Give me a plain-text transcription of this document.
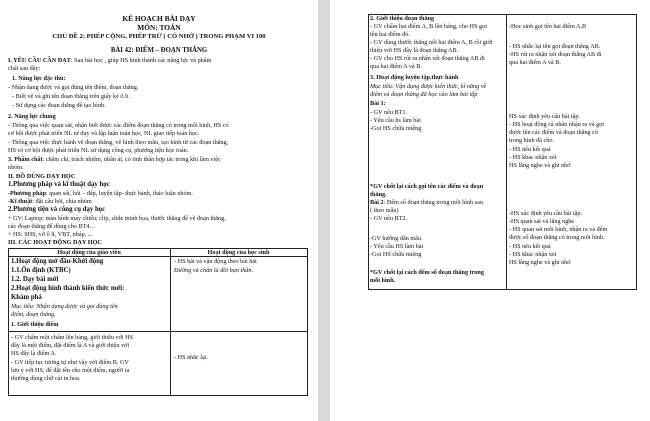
KẾ HOẠCH BÀI DẠY
MÔN: TOÁN
CHỦ ĐỀ 2: PHÉP CỘNG, PHÉP TRỪ ( CÓ NHỚ ) TRONG PHẠM VI 100
BÀI 42: ĐIỂM – ĐOẠN THẲNG
I. YÊU CẦU CẦN ĐẠT: Sau bài học , giúp HS hình thành các năng lực và phẩm
chất sau đây:
1. Năng lực đặc thù:
- Nhận dạng được và gọi đúng tên điểm, đoạn thẳng.
- Biết vẽ và ghi tên đoạn thẳng trên giấy kẻ ô li.
- Sử dụng các đoạn thẳng để tạo hình.
2. Năng lực chung
- Thông qua việc quan sát, nhận biết được các điểm đoạn thẳng có trong môi hình, HS có
cơ hội được phát triển NL tư duy và lập luận toán học, NL giao tiếp toán học.
- Thông qua việc thực hành vẽ đoạn thẳng, vẽ hình theo mẫu, tạo hình từ các đoạn thẳng,
HS có cơ hội được phát triển NL sử dụng công cụ, phương tiện học toán.
3. Phẩm chất: chăm chỉ, trách nhiệm, nhân ái, có tinh thần hợp tác trong khi làm việc
nhóm.
II. ĐỒ DÙNG DẠY HỌC
1.Phương pháp và kĩ thuật dạy học
-Phương pháp: quan sát, hỏi – đáp, luyện tập- thực hành, thảo luận nhóm.
-Kĩ thuật: đặt câu hỏi, chia nhóm
2.Phương tiện và công cụ dạy học
+ GV: Laptop; màn hình máy chiếu; clip, slide minh họa, thước thẳng để vẽ đoạn thẳng,
các đoạn thẳng để dùng cho BT4…
+ HS: SHS, vở ô li, VBT, nháp, ...
III. CÁC HOẠT ĐỘNG DẠY HỌC
Hoạt động của giáo viên	Hoạt động của học sinh
1.Hoạt động mở đầu-Khởi động
1.1.Ôn định (KTBC)
1.2. Dạy bài mới
2.Hoạt động hình thành kiến thức mới:
Khám phá
Mục tiêu: Nhận dạng được và gọi đúng tên
điểm, đoạn thẳng.
1. Giới thiệu điểm
- HS hát và vận động theo bài hát
Đường và chân là đôi bạn thân.
- GV chấm một chấm lên bảng, giới thiệu với HS
đây là một điểm, đặt điểm là A và giới thiệu với
HS đây là điểm A.
- GV tiếp tục tương tự như vậy với điểm B. GV
lưu ý với HS, để đặt tên cho một điểm, người ta
thường dùng chữ cái in hoa.
- HS nhắc lại.
2. Giới thiệu đoạn thẳng
- GV chấm hai điểm A, B lên bảng, cho HS gọi
tên hai điểm đó.
- GV dùng thước thẳng nối hai điểm A, B rồi giới
thiệu với HS đây là đoạn thẳng AB.
- GV cho HS rút ra nhận xét đoạn thẳng AB đi
qua hai điểm A và B.
-Học sinh gọi tên hai điểm A,B
- HS nhắc lại tên gọi đoạn thẳng AB.
-HS rút ra nhận xét đoạn thẳng AB đi
qua hai điểm A và B.
3. Hoạt động luyện tập,thực hành
Mục tiêu: Vận dụng được kiến thức, kĩ năng về
điểm và đoạn thẳng đã học vào làm bài tập
Bài 1:
- GV nêu BT1.
- Yêu cầu hs làm bài
-Gọi HS chữa miệng
HS xác định yêu cầu bài tập.
- HS hoạt động cá nhân nhận ra và gọi
được tên các điểm và đoạn thẳng có
trong hình đã cho.
- HS nêu kết quả
- HS khác nhận xét
HS lắng nghe và ghi nhớ
*GV chốt lại cách gọi tên các điểm và đoạn
thẳng.
Bài 2: Đếm số đoạn thẳng trong mỗi hình sau
( theo mẫu)
- GV nêu BT2.
-GV hướng dẫn mẫu
- Yêu cầu HS làm bài
-Gọi HS chữa miệng
-HS xác định yêu cầu bài tập.
-HS quan sát và lắng nghe
- HS quan sát mỗi hình, nhận ra và đếm
được số đoạn thẳng có trong mỗi hình.
- HS nêu kết quả
- HS khác nhận xét
HS lắng nghe và ghi nhớ
*GV chốt lại cách đếm số đoạn thẳng trong
mỗi hình.
